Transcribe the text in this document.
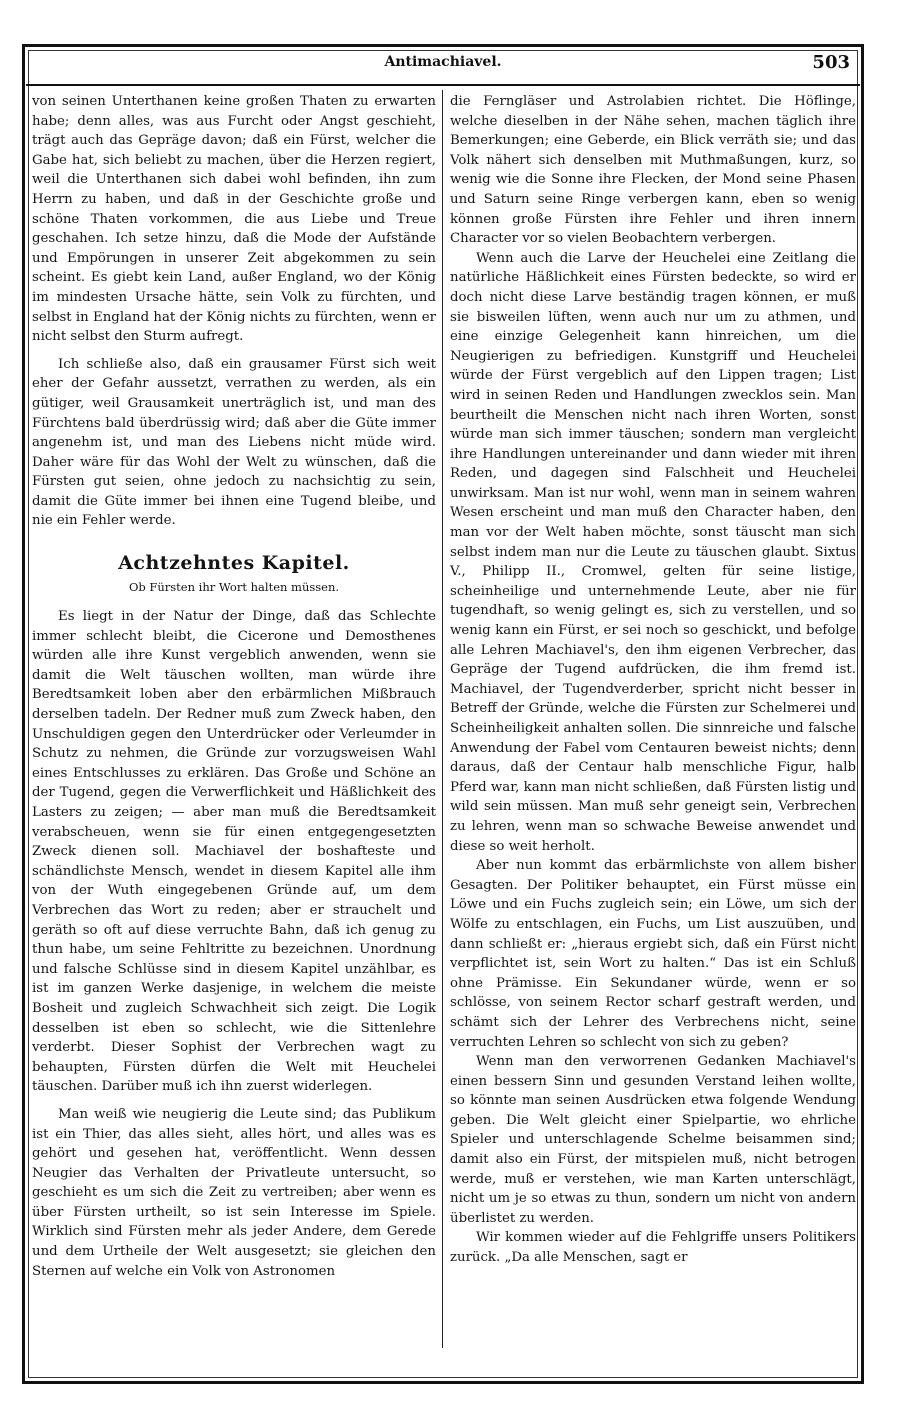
Antimachiavel.	503

von seinen Unterthanen keine großen Thaten zu erwarten habe; denn alles, was aus Furcht oder Angst geschieht, trägt auch das Gepräge davon; daß ein Fürst, welcher die Gabe hat, sich beliebt zu machen, über die Herzen regiert, weil die Unterthanen sich dabei wohl befinden, ihn zum Herrn zu haben, und daß in der Geschichte große und schöne Thaten vorkommen, die aus Liebe und Treue geschahen. Ich setze hinzu, daß die Mode der Aufstände und Empörungen in unserer Zeit abgekommen zu sein scheint. Es giebt kein Land, außer England, wo der König im mindesten Ursache hätte, sein Volk zu fürchten, und selbst in England hat der König nichts zu fürchten, wenn er nicht selbst den Sturm aufregt.

Ich schließe also, daß ein grausamer Fürst sich weit eher der Gefahr aussetzt, verrathen zu werden, als ein gütiger, weil Grausamkeit unerträglich ist, und man des Fürchtens bald überdrüssig wird; daß aber die Güte immer angenehm ist, und man des Liebens nicht müde wird. Daher wäre für das Wohl der Welt zu wünschen, daß die Fürsten gut seien, ohne jedoch zu nachsichtig zu sein, damit die Güte immer bei ihnen eine Tugend bleibe, und nie ein Fehler werde.

Achtzehntes Kapitel.
Ob Fürsten ihr Wort halten müssen.

Es liegt in der Natur der Dinge, daß das Schlechte immer schlecht bleibt, die Cicerone und Demosthenes würden alle ihre Kunst vergeblich anwenden, wenn sie damit die Welt täuschen wollten, man würde ihre Beredtsamkeit loben aber den erbärmlichen Mißbrauch derselben tadeln. Der Redner muß zum Zweck haben, den Unschuldigen gegen den Unterdrücker oder Verleumder in Schutz zu nehmen, die Gründe zur vorzugsweisen Wahl eines Entschlusses zu erklären. Das Große und Schöne an der Tugend, gegen die Verwerflichkeit und Häßlichkeit des Lasters zu zeigen; — aber man muß die Beredtsamkeit verabscheuen, wenn sie für einen entgegengesetzten Zweck dienen soll. Machiavel der boshafteste und schändlichste Mensch, wendet in diesem Kapitel alle ihm von der Wuth eingegebenen Gründe auf, um dem Verbrechen das Wort zu reden; aber er strauchelt und geräth so oft auf diese verruchte Bahn, daß ich genug zu thun habe, um seine Fehltritte zu bezeichnen. Unordnung und falsche Schlüsse sind in diesem Kapitel unzählbar, es ist im ganzen Werke dasjenige, in welchem die meiste Bosheit und zugleich Schwachheit sich zeigt. Die Logik desselben ist eben so schlecht, wie die Sittenlehre verderbt. Dieser Sophist der Verbrechen wagt zu behaupten, Fürsten dürfen die Welt mit Heuchelei täuschen. Darüber muß ich ihn zuerst widerlegen.

Man weiß wie neugierig die Leute sind; das Publikum ist ein Thier, das alles sieht, alles hört, und alles was es gehört und gesehen hat, veröffentlicht. Wenn dessen Neugier das Verhalten der Privatleute untersucht, so geschieht es um sich die Zeit zu vertreiben; aber wenn es über Fürsten urtheilt, so ist sein Interesse im Spiele. Wirklich sind Fürsten mehr als jeder Andere, dem Gerede und dem Urtheile der Welt ausgesetzt; sie gleichen den Sternen auf welche ein Volk von Astronomen

die Ferngläser und Astrolabien richtet. Die Höflinge, welche dieselben in der Nähe sehen, machen täglich ihre Bemerkungen; eine Geberde, ein Blick verräth sie; und das Volk nähert sich denselben mit Muthmaßungen, kurz, so wenig wie die Sonne ihre Flecken, der Mond seine Phasen und Saturn seine Ringe verbergen kann, eben so wenig können große Fürsten ihre Fehler und ihren innern Character vor so vielen Beobachtern verbergen.

Wenn auch die Larve der Heuchelei eine Zeitlang die natürliche Häßlichkeit eines Fürsten bedeckte, so wird er doch nicht diese Larve beständig tragen können, er muß sie bisweilen lüften, wenn auch nur um zu athmen, und eine einzige Gelegenheit kann hinreichen, um die Neugierigen zu befriedigen. Kunstgriff und Heuchelei würde der Fürst vergeblich auf den Lippen tragen; List wird in seinen Reden und Handlungen zwecklos sein. Man beurtheilt die Menschen nicht nach ihren Worten, sonst würde man sich immer täuschen; sondern man vergleicht ihre Handlungen untereinander und dann wieder mit ihren Reden, und dagegen sind Falschheit und Heuchelei unwirksam. Man ist nur wohl, wenn man in seinem wahren Wesen erscheint und man muß den Character haben, den man vor der Welt haben möchte, sonst täuscht man sich selbst indem man nur die Leute zu täuschen glaubt. Sixtus V., Philipp II., Cromwel, gelten für seine listige, scheinheilige und unternehmende Leute, aber nie für tugendhaft, so wenig gelingt es, sich zu verstellen, und so wenig kann ein Fürst, er sei noch so geschickt, und befolge alle Lehren Machiavel's, den ihm eigenen Verbrecher, das Gepräge der Tugend aufdrücken, die ihm fremd ist. Machiavel, der Tugendverderber, spricht nicht besser in Betreff der Gründe, welche die Fürsten zur Schelmerei und Scheinheiligkeit anhalten sollen. Die sinnreiche und falsche Anwendung der Fabel vom Centauren beweist nichts; denn daraus, daß der Centaur halb menschliche Figur, halb Pferd war, kann man nicht schließen, daß Fürsten listig und wild sein müssen. Man muß sehr geneigt sein, Verbrechen zu lehren, wenn man so schwache Beweise anwendet und diese so weit herholt.

Aber nun kommt das erbärmlichste von allem bisher Gesagten. Der Politiker behauptet, ein Fürst müsse ein Löwe und ein Fuchs zugleich sein; ein Löwe, um sich der Wölfe zu entschlagen, ein Fuchs, um List auszuüben, und dann schließt er: „hieraus ergiebt sich, daß ein Fürst nicht verpflichtet ist, sein Wort zu halten.“ Das ist ein Schluß ohne Prämisse. Ein Sekundaner würde, wenn er so schlösse, von seinem Rector scharf gestraft werden, und schämt sich der Lehrer des Verbrechens nicht, seine verruchten Lehren so schlecht von sich zu geben?

Wenn man den verworrenen Gedanken Machiavel's einen bessern Sinn und gesunden Verstand leihen wollte, so könnte man seinen Ausdrücken etwa folgende Wendung geben. Die Welt gleicht einer Spielpartie, wo ehrliche Spieler und unterschlagende Schelme beisammen sind; damit also ein Fürst, der mitspielen muß, nicht betrogen werde, muß er verstehen, wie man Karten unterschlägt, nicht um je so etwas zu thun, sondern um nicht von andern überlistet zu werden.

Wir kommen wieder auf die Fehlgriffe unsers Politikers zurück. „Da alle Menschen, sagt er
